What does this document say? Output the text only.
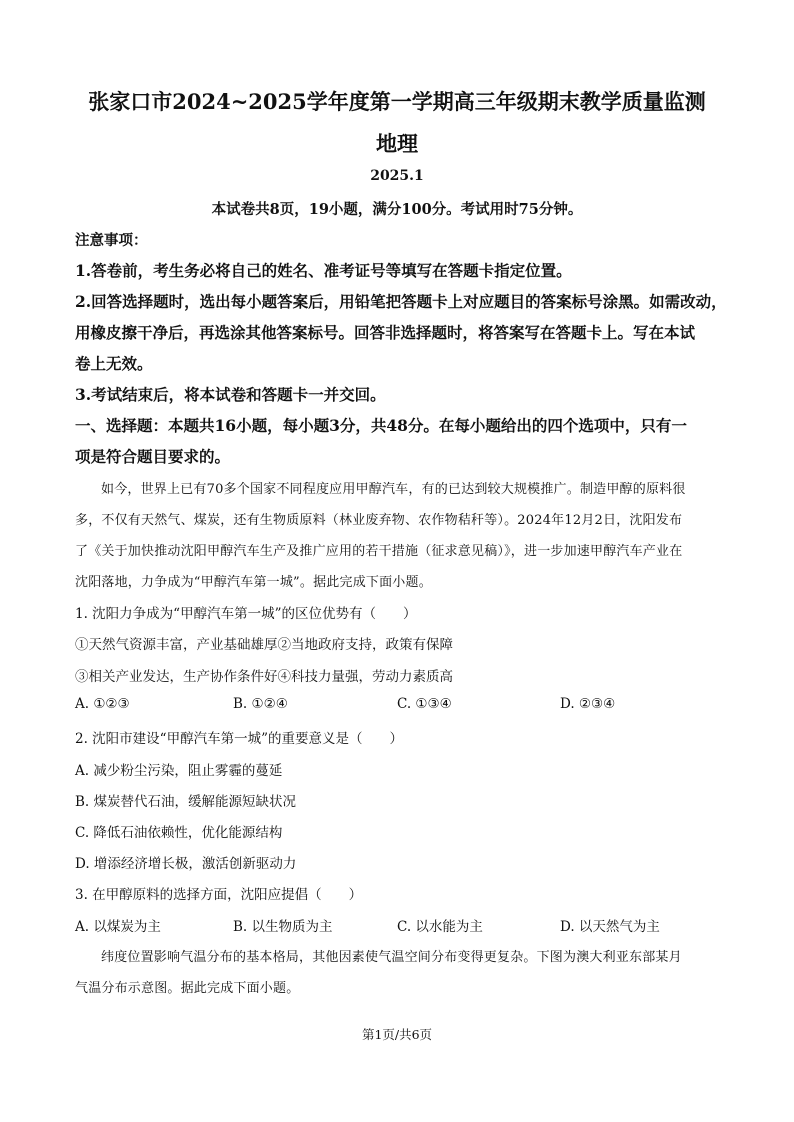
张家口市2024~2025学年度第一学期高三年级期末教学质量监测
地理
2025.1
本试卷共8页，19小题，满分100分。考试用时75分钟。
注意事项：
1.答卷前，考生务必将自己的姓名、准考证号等填写在答题卡指定位置。
2.回答选择题时，选出每小题答案后，用铅笔把答题卡上对应题目的答案标号涂黑。如需改动，
用橡皮擦干净后，再选涂其他答案标号。回答非选择题时，将答案写在答题卡上。写在本试
卷上无效。
3.考试结束后，将本试卷和答题卡一并交回。
一、选择题：本题共16小题，每小题3分，共48分。在每小题给出的四个选项中，只有一
项是符合题目要求的。
如今，世界上已有70多个国家不同程度应用甲醇汽车，有的已达到较大规模推广。制造甲醇的原料很
多，不仅有天然气、煤炭，还有生物质原料（林业废弃物、农作物秸秆等）。2024年12月2日，沈阳发布
了《关于加快推动沈阳甲醇汽车生产及推广应用的若干措施（征求意见稿）》，进一步加速甲醇汽车产业在
沈阳落地，力争成为“甲醇汽车第一城”。据此完成下面小题。
1. 沈阳力争成为“甲醇汽车第一城”的区位优势有（　　）
①天然气资源丰富，产业基础雄厚②当地政府支持，政策有保障
③相关产业发达，生产协作条件好④科技力量强，劳动力素质高
A. ①②③	B. ①②④	C. ①③④	D. ②③④
2. 沈阳市建设“甲醇汽车第一城”的重要意义是（　　）
A. 减少粉尘污染，阻止雾霾的蔓延
B. 煤炭替代石油，缓解能源短缺状况
C. 降低石油依赖性，优化能源结构
D. 增添经济增长极，激活创新驱动力
3. 在甲醇原料的选择方面，沈阳应提倡（　　）
A. 以煤炭为主	B. 以生物质为主	C. 以水能为主	D. 以天然气为主
纬度位置影响气温分布的基本格局，其他因素使气温空间分布变得更复杂。下图为澳大利亚东部某月
气温分布示意图。据此完成下面小题。
第1页/共6页
